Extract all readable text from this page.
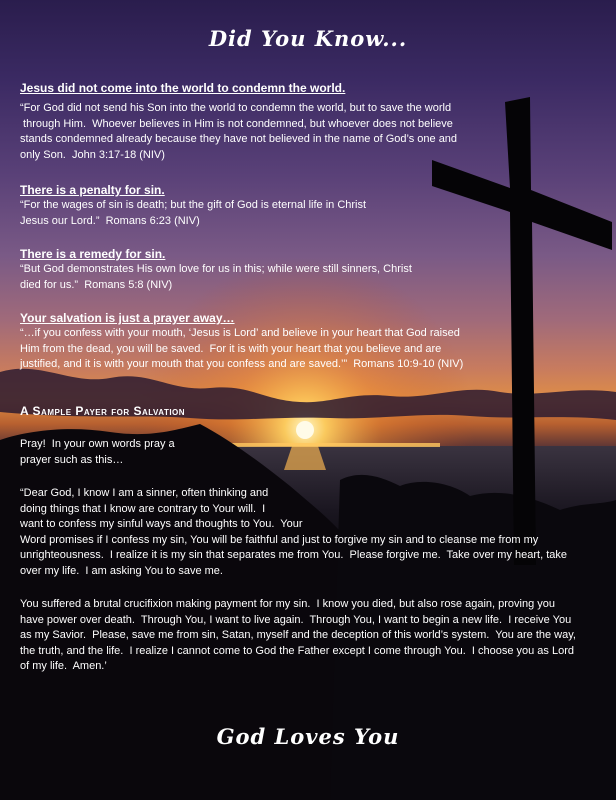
Did You Know...
Jesus did not come into the world to condemn the world.
“For God did not send his Son into the world to condemn the world, but to save the world
through Him.  Whoever believes in Him is not condemned, but whoever does not believe
stands condemned already because they have not believed in the name of God’s one and
only Son.  John 3:17-18 (NIV)
There is a penalty for sin.
“For the wages of sin is death; but the gift of God is eternal life in Christ
Jesus our Lord.”  Romans 6:23 (NIV)
There is a remedy for sin.
“But God demonstrates His own love for us in this; while were still sinners, Christ
died for us.”  Romans 5:8 (NIV)
Your salvation is just a prayer away…
“…if you confess with your mouth, ‘Jesus is Lord’ and believe in your heart that God raised
Him from the dead, you will be saved.  For it is with your heart that you believe and are
justified, and it is with your mouth that you confess and are saved.’”  Romans 10:9-10 (NIV)
A Sample Payer for Salvation
Pray!  In your own words pray a
prayer such as this…
“Dear God, I know I am a sinner, often thinking and
doing things that I know are contrary to Your will.  I
want to confess my sinful ways and thoughts to You.  Your
Word promises if I confess my sin, You will be faithful and just to forgive my sin and to cleanse me from my
unrighteousness.  I realize it is my sin that separates me from You.  Please forgive me.  Take over my heart, take
over my life.  I am asking You to save me.
You suffered a brutal crucifixion making payment for my sin.  I know you died, but also rose again, proving you
have power over death.  Through You, I want to live again.  Through You, I want to begin a new life.  I receive You
as my Savior.  Please, save me from sin, Satan, myself and the deception of this world’s system.  You are the way,
the truth, and the life.  I realize I cannot come to God the Father except I come through You.  I choose you as Lord
of my life.  Amen.’
God Loves You
